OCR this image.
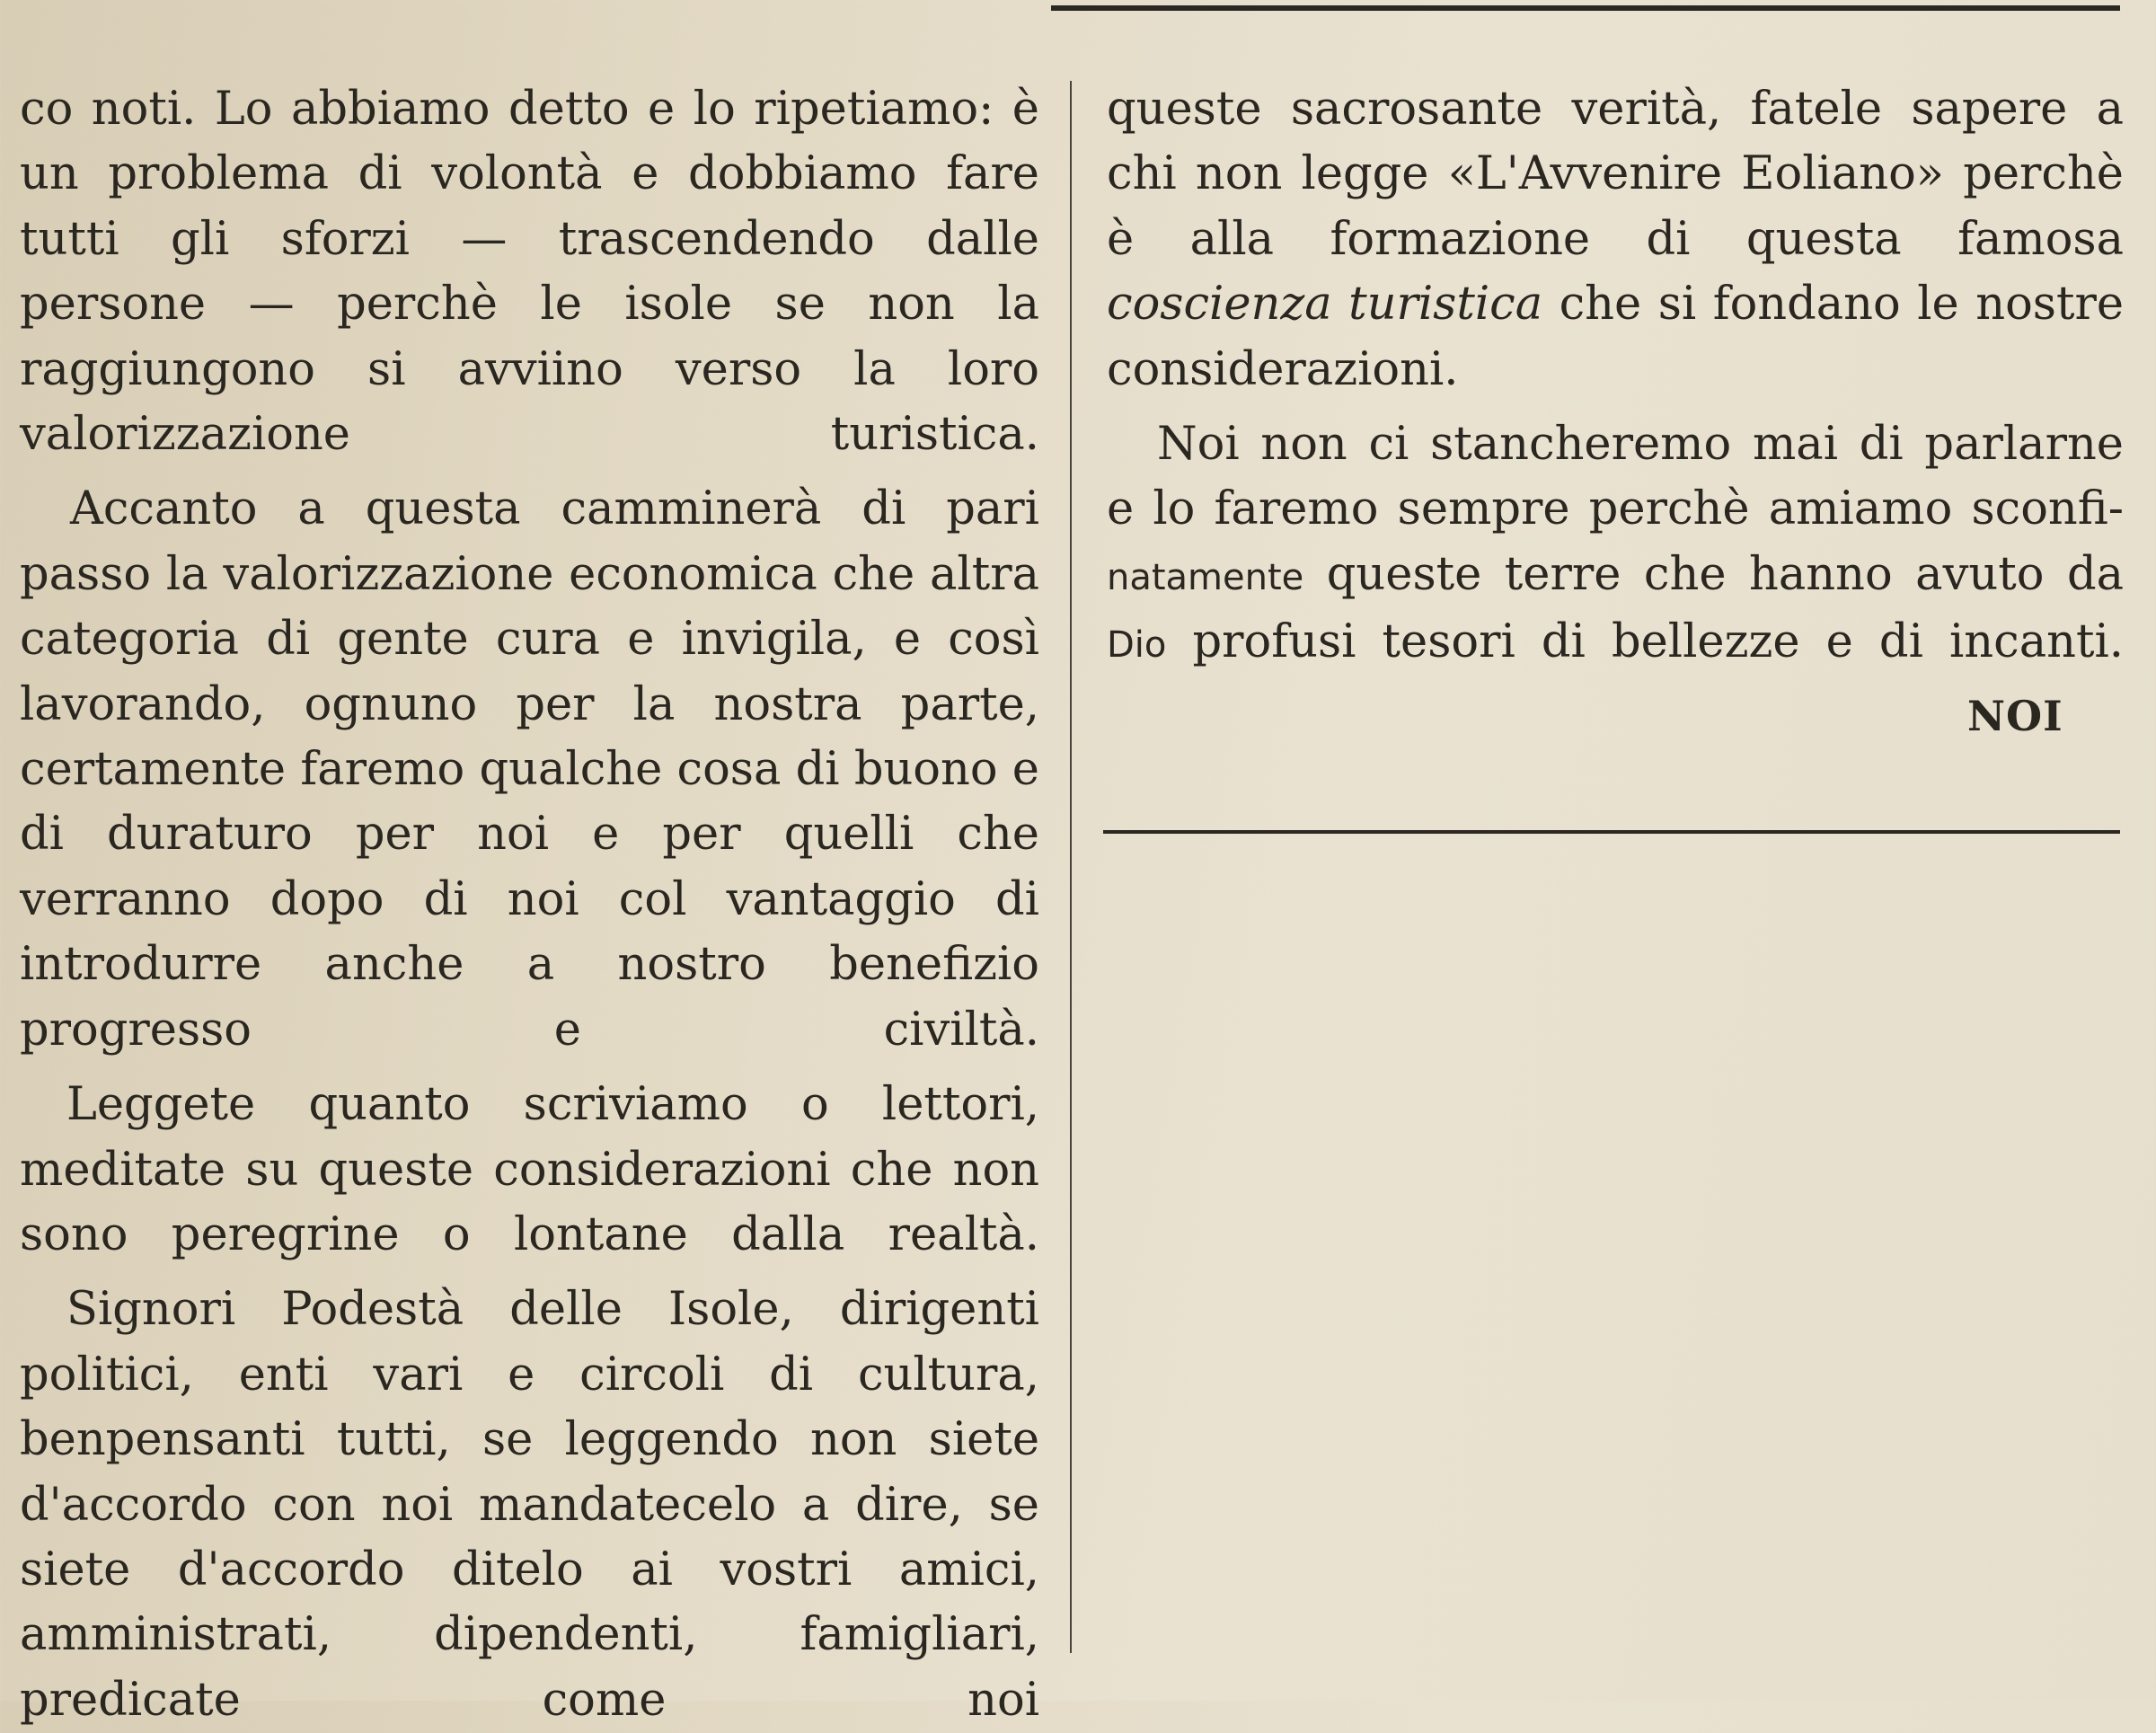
co noti. Lo abbiamo detto e lo ripetiamo: è un problema di volontà e dobbiamo fare tutti gli sforzi — trascendendo dalle persone — perchè le isole se non la raggiungono si avviino verso la loro valorizzazione turistica.

Accanto a questa camminerà di pari passo la valorizzazione economica che altra categoria di gente cura e invigila, e così lavorando, ognuno per la nostra parte, certamente faremo qualche cosa di buono e di duraturo per noi e per quelli che verranno dopo di noi col vantaggio di introdurre anche a nostro benefizio progresso e civiltà.

Leggete quanto scriviamo o lettori, meditate su queste considerazioni che non sono peregrine o lontane dalla realtà.

Signori Podestà delle Isole, dirigenti politici, enti vari e circoli di cultura, benpensanti tutti, se leggendo non siete d'accordo con noi mandatecelo a dire, se siete d'accordo ditelo ai vostri amici, amministrati, dipendenti, famigliari, predicate come noi

queste sacrosante verità, fatele sapere a chi non legge «L'Avvenire Eoliano» perchè è alla formazione di questa famosa coscienza turistica che si fondano le nostre considerazioni.

Noi non ci stancheremo mai di parlarne e lo faremo sempre perchè amiamo sconfi-natamente queste terre che hanno avuto da Dio profusi tesori di bellezze e di incanti.

NOI
